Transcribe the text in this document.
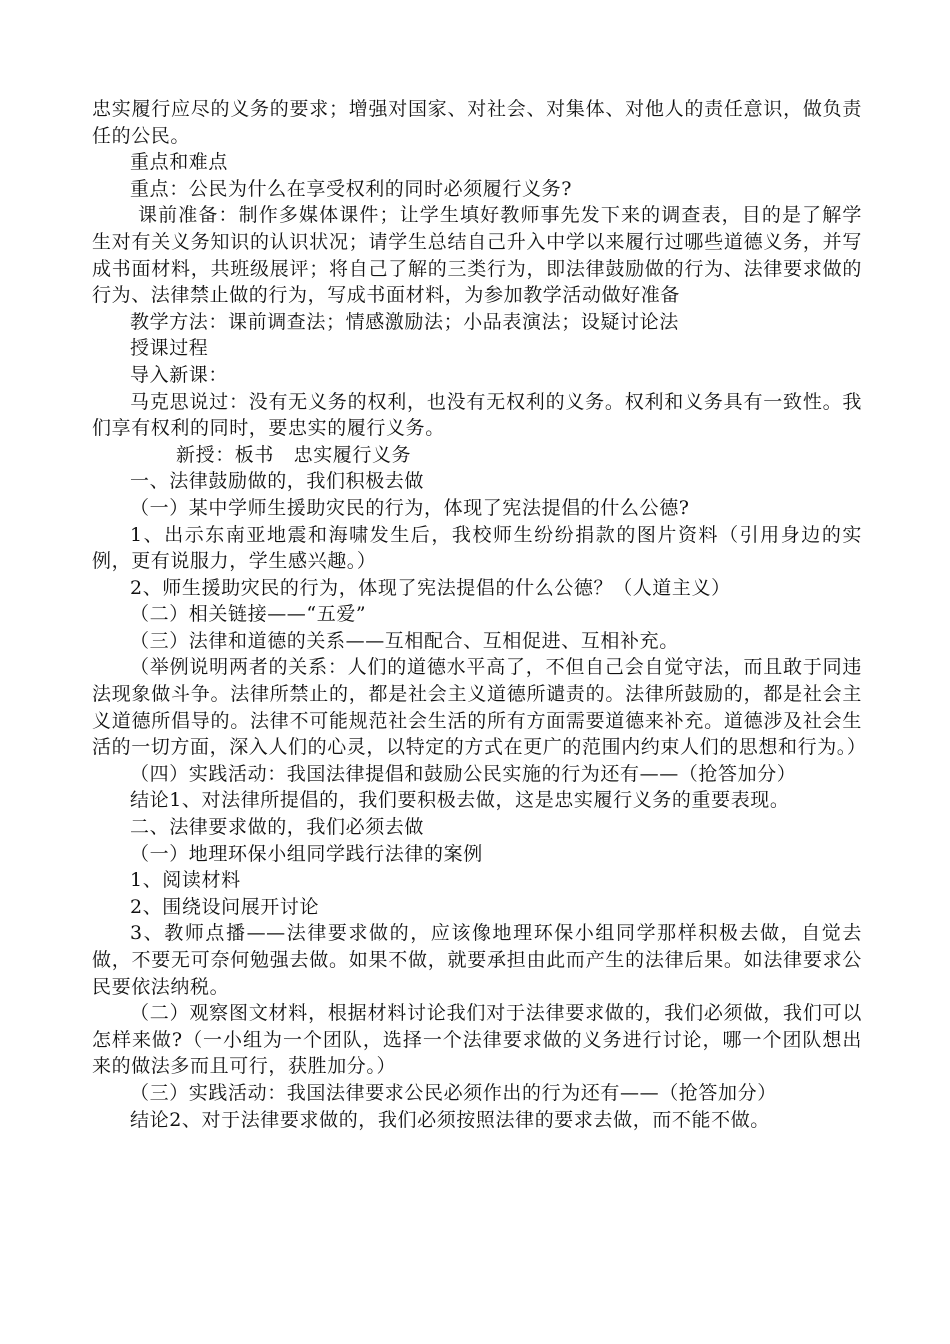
忠实履行应尽的义务的要求；增强对国家、对社会、对集体、对他人的责任意识，做负责任的公民。

重点和难点

重点：公民为什么在享受权利的同时必须履行义务?

课前准备：制作多媒体课件；让学生填好教师事先发下来的调查表，目的是了解学生对有关义务知识的认识状况；请学生总结自己升入中学以来履行过哪些道德义务，并写成书面材料，共班级展评；将自己了解的三类行为，即法律鼓励做的行为、法律要求做的行为、法律禁止做的行为，写成书面材料，为参加教学活动做好准备

教学方法：课前调查法；情感激励法；小品表演法；设疑讨论法

授课过程

导入新课：

马克思说过：没有无义务的权利，也没有无权利的义务。权利和义务具有一致性。我们享有权利的同时，要忠实的履行义务。

新授：板书　忠实履行义务

一、法律鼓励做的，我们积极去做

（一）某中学师生援助灾民的行为，体现了宪法提倡的什么公德?

1、出示东南亚地震和海啸发生后，我校师生纷纷捐款的图片资料（引用身边的实例，更有说服力，学生感兴趣。）

2、师生援助灾民的行为，体现了宪法提倡的什么公德？（人道主义）

（二）相关链接——“五爱”

（三）法律和道德的关系——互相配合、互相促进、互相补充。

（举例说明两者的关系：人们的道德水平高了，不但自己会自觉守法，而且敢于同违法现象做斗争。法律所禁止的，都是社会主义道德所谴责的。法律所鼓励的，都是社会主义道德所倡导的。法律不可能规范社会生活的所有方面需要道德来补充。道德涉及社会生活的一切方面，深入人们的心灵，以特定的方式在更广的范围内约束人们的思想和行为。）

（四）实践活动：我国法律提倡和鼓励公民实施的行为还有——（抢答加分）

结论1、对法律所提倡的，我们要积极去做，这是忠实履行义务的重要表现。

二、法律要求做的，我们必须去做

（一）地理环保小组同学践行法律的案例

1、阅读材料

2、围绕设问展开讨论

3、教师点播——法律要求做的，应该像地理环保小组同学那样积极去做，自觉去做，不要无可奈何勉强去做。如果不做，就要承担由此而产生的法律后果。如法律要求公民要依法纳税。

（二）观察图文材料，根据材料讨论我们对于法律要求做的，我们必须做，我们可以怎样来做?（一小组为一个团队，选择一个法律要求做的义务进行讨论，哪一个团队想出来的做法多而且可行，获胜加分。）

（三）实践活动：我国法律要求公民必须作出的行为还有——（抢答加分）

结论2、对于法律要求做的，我们必须按照法律的要求去做，而不能不做。
